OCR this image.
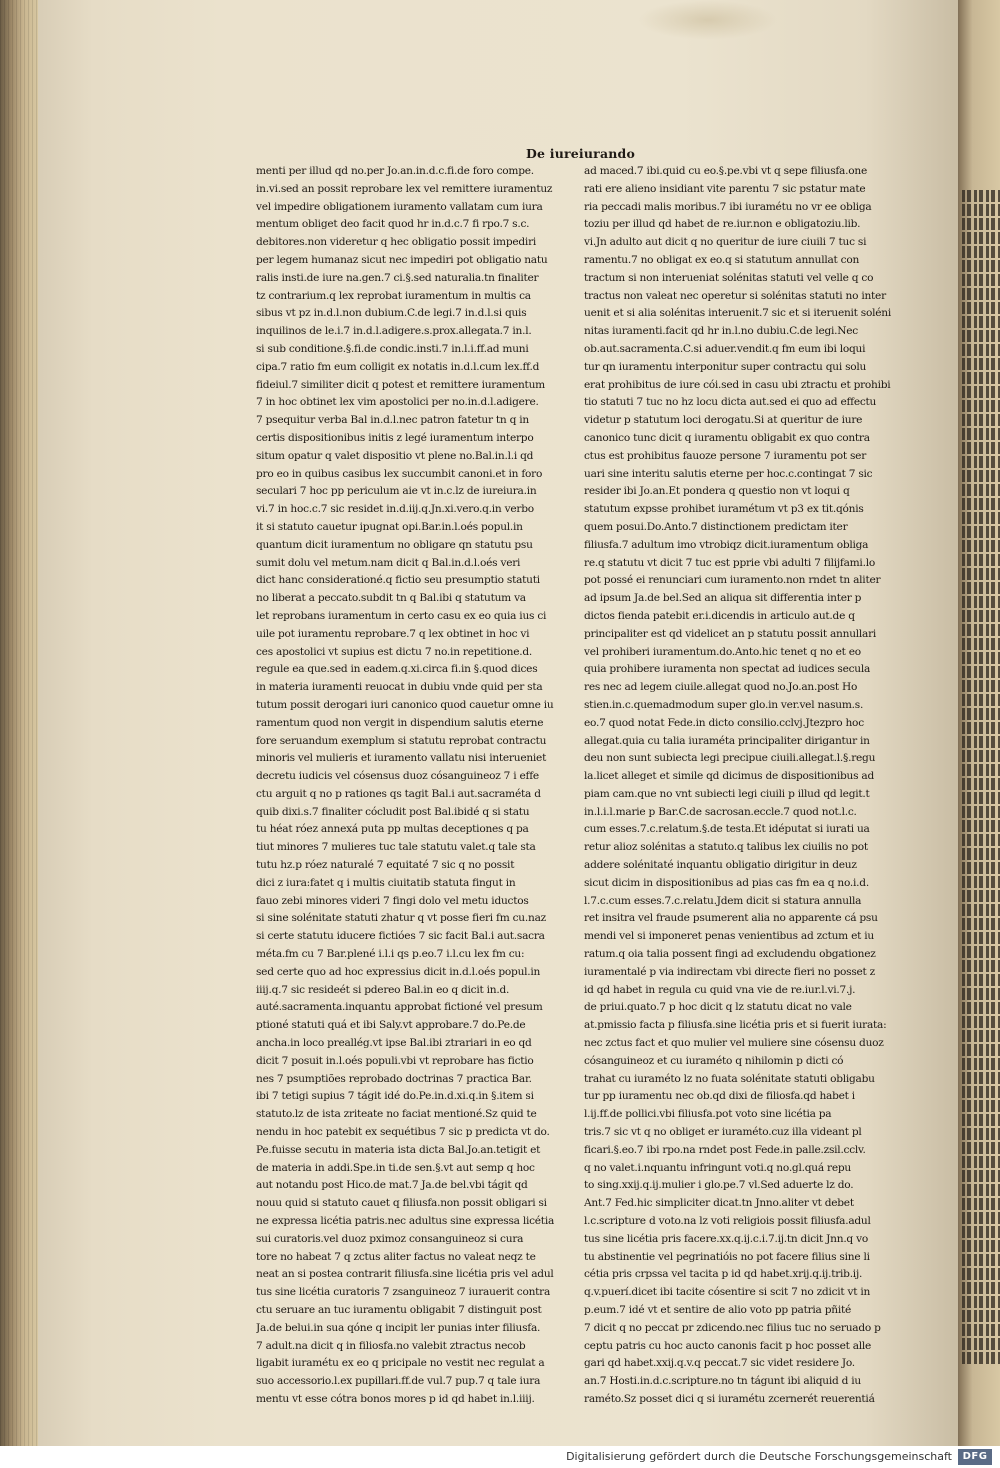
De iureiurando
menti per illud qd no.per Jo.an.in.d.c.fi.de foro compe.
in.vi.sed an possit reprobare lex vel remittere iuramentuz
vel impedire obligationem iuramento vallatam cum iura
mentum obliget deo facit quod hr in.d.c.7 fi rpo.7 s.c.
debitores.non videretur q hec obligatio possit impediri
per legem humanaz sicut nec impediri pot obligatio natu
ralis insti.de iure na.gen.7 ci.§.sed naturalia.tn finaliter
tz contrarium.q lex reprobat iuramentum in multis ca
sibus vt pz in.d.l.non dubium.C.de legi.7 in.d.l.si quis
inquilinos de le.i.7 in.d.l.adigere.s.prox.allegata.7 in.l.
si sub conditione.§.fi.de condic.insti.7 in.l.i.ff.ad muni
cipa.7 ratio fm eum colligit ex notatis in.d.l.cum lex.ff.d
fideiul.7 similiter dicit q potest et remittere iuramentum
7 in hoc obtinet lex vim apostolici per no.in.d.l.adigere.
7 psequitur verba Bal in.d.l.nec patron fatetur tn q in
certis dispositionibus initis z legé iuramentum interpo
situm opatur q valet dispositio vt plene no.Bal.in.l.i qd
pro eo in quibus casibus lex succumbit canoni.et in foro
seculari 7 hoc pp periculum aie vt in.c.lz de iureiura.in
vi.7 in hoc.c.7 sic residet in.d.iij.q.Jn.xi.vero.q.in verbo
it si statuto cauetur ipugnat opi.Bar.in.l.oés popul.in
quantum dicit iuramentum no obligare qn statutu psu
sumit dolu vel metum.nam dicit q Bal.in.d.l.oés veri
dict hanc considerationé.q fictio seu presumptio statuti
no liberat a peccato.subdit tn q Bal.ibi q statutum va
let reprobans iuramentum in certo casu ex eo quia ius ci
uile pot iuramentu reprobare.7 q lex obtinet in hoc vi
ces apostolici vt supius est dictu 7 no.in repetitione.d.
regule ea que.sed in eadem.q.xi.circa fi.in §.quod dices
in materia iuramenti reuocat in dubiu vnde quid per sta
tutum possit derogari iuri canonico quod cauetur omne iu
ramentum quod non vergit in dispendium salutis eterne
fore seruandum exemplum si statutu reprobat contractu
minoris vel mulieris et iuramento vallatu nisi interueniet
decretu iudicis vel cósensus duoz cósanguineoz 7 i effe
ctu arguit q no p rationes qs tagit Bal.i aut.sacraméta d
quib dixi.s.7 finaliter cócludit post Bal.ibidé q si statu
tu héat róez annexá puta pp multas deceptiones q pa
tiut minores 7 mulieres tuc tale statutu valet.q tale sta
tutu hz.p róez naturalé 7 equitaté 7 sic q no possit
dici z iura:fatet q i multis ciuitatib statuta fingut in
fauo zebi minores videri 7 fingi dolo vel metu iductos
si sine solénitate statuti zhatur q vt posse fieri fm cu.naz
si certe statutu iducere fictióes 7 sic facit Bal.i aut.sacra
méta.fm cu 7 Bar.plené i.l.i qs p.eo.7 i.l.cu lex fm cu:
sed certe quo ad hoc expressius dicit in.d.l.oés popul.in
iiij.q.7 sic resideét si pdereo Bal.in eo q dicit in.d.
auté.sacramenta.inquantu approbat fictioné vel presum
ptioné statuti quá et ibi Saly.vt approbare.7 do.Pe.de
ancha.in loco preallég.vt ipse Bal.ibi ztrariari in eo qd
dicit 7 posuit in.l.oés populi.vbi vt reprobare has fictio
nes 7 psumptiões reprobado doctrinas 7 practica Bar.
ibi 7 tetigi supius 7 tágit idé do.Pe.in.d.xi.q.in §.item si
statuto.lz de ista zriteate no faciat mentioné.Sz quid te
nendu in hoc patebit ex sequétibus 7 sic p predicta vt do.
Pe.fuisse secutu in materia ista dicta Bal.Jo.an.tetigit et
de materia in addi.Spe.in ti.de sen.§.vt aut semp q hoc
aut notandu post Hico.de mat.7 Ja.de bel.vbi tágit qd
nouu quid si statuto cauet q filiusfa.non possit obligari si
ne expressa licétia patris.nec adultus sine expressa licétia
sui curatoris.vel duoz pximoz consanguineoz si cura
tore no habeat 7 q zctus aliter factus no valeat neqz te
neat an si postea contrarit filiusfa.sine licétia pris vel adul
tus sine licétia curatoris 7 zsanguineoz 7 iurauerit contra
ctu seruare an tuc iuramentu obligabit 7 distinguit post
Ja.de belui.in sua qóne q incipit ler punias inter filiusfa.
7 adult.na dicit q in filiosfa.no valebit ztractus necob
ligabit iuramétu ex eo q pricipale no vestit nec regulat a
suo accessorio.l.ex pupillari.ff.de vul.7 pup.7 q tale iura
mentu vt esse cótra bonos mores p id qd habet in.l.iiij.
ad maced.7 ibi.quid cu eo.§.pe.vbi vt q sepe filiusfa.one
rati ere alieno insidiant vite parentu 7 sic pstatur mate
ria peccadi malis moribus.7 ibi iuramétu no vr ee obliga
toziu per illud qd habet de re.iur.non e obligatoziu.lib.
vi.Jn adulto aut dicit q no queritur de iure ciuili 7 tuc si
ramentu.7 no obligat ex eo.q si statutum annullat con
tractum si non interueniat solénitas statuti vel velle q co
tractus non valeat nec operetur si solénitas statuti no inter
uenit et si alia solénitas interuenit.7 sic et si iteruenit soléni
nitas iuramenti.facit qd hr in.l.no dubiu.C.de legi.Nec
ob.aut.sacramenta.C.si aduer.vendit.q fm eum ibi loqui
tur qn iuramentu interponitur super contractu qui solu
erat prohibitus de iure cói.sed in casu ubi ztractu et prohibi
tio statuti 7 tuc no hz locu dicta aut.sed ei quo ad effectu
videtur p statutum loci derogatu.Si at queritur de iure
canonico tunc dicit q iuramentu obligabit ex quo contra
ctus est prohibitus fauoze persone 7 iuramentu pot ser
uari sine interitu salutis eterne per hoc.c.contingat 7 sic
resider ibi Jo.an.Et pondera q questio non vt loqui q
statutum expsse prohibet iuramétum vt p3 ex tit.qónis
quem posui.Do.Anto.7 distinctionem predictam iter
filiusfa.7 adultum imo vtrobiqz dicit.iuramentum obliga
re.q statutu vt dicit 7 tuc est pprie vbi adulti 7 filijfami.lo
pot possé ei renunciari cum iuramento.non rndet tn aliter
ad ipsum Ja.de bel.Sed an aliqua sit differentia inter p
dictos fienda patebit er.i.dicendis in articulo aut.de q
principaliter est qd videlicet an p statutu possit annullari
vel prohiberi iuramentum.do.Anto.hic tenet q no et eo
quia prohibere iuramenta non spectat ad iudices secula
res nec ad legem ciuile.allegat quod no.Jo.an.post Ho
stien.in.c.quemadmodum super glo.in ver.vel nasum.s.
eo.7 quod notat Fede.in dicto consilio.cclvj.Jtezpro hoc
allegat.quia cu talia iuraméta principaliter dirigantur in
deu non sunt subiecta legi precipue ciuili.allegat.l.§.regu
la.licet alleget et simile qd dicimus de dispositionibus ad
piam cam.que no vnt subiecti legi ciuili p illud qd legit.t
in.l.i.l.marie p Bar.C.de sacrosan.eccle.7 quod not.l.c.
cum esses.7.c.relatum.§.de testa.Et idéputat si iurati ua
retur alioz solénitas a statuto.q talibus lex ciuilis no pot
addere solénitaté inquantu obligatio dirigitur in deuz
sicut dicim in dispositionibus ad pias cas fm ea q no.i.d.
l.7.c.cum esses.7.c.relatu.Jdem dicit si statura annulla
ret insitra vel fraude psumerent alia no apparente cá psu
mendi vel si imponeret penas venientibus ad zctum et iu
ratum.q oia talia possent fingi ad excludendu obgationez
iuramentalé p via indirectam vbi directe fieri no posset z
id qd habet in regula cu quid vna vie de re.iur.l.vi.7.j.
de priui.quato.7 p hoc dicit q lz statutu dicat no vale
at.pmissio facta p filiusfa.sine licétia pris et si fuerit iurata:
nec zctus fact et quo mulier vel muliere sine cósensu duoz
cósanguineoz et cu iuraméto q nihilomin p dicti có
trahat cu iuraméto lz no fuata solénitate statuti obligabu
tur pp iuramentu nec ob.qd dixi de filiosfa.qd habet i
l.ij.ff.de pollici.vbi filiusfa.pot voto sine licétia pa
tris.7 sic vt q no obliget er iuraméto.cuz illa videant pl
ficari.§.eo.7 ibi rpo.na rndet post Fede.in palle.zsil.cclv.
q no valet.i.nquantu infringunt voti.q no.gl.quá repu
to sing.xxij.q.ij.mulier i glo.pe.7 vl.Sed aduerte lz do.
Ant.7 Fed.hic simpliciter dicat.tn Jnno.aliter vt debet
l.c.scripture d voto.na lz voti religiois possit filiusfa.adul
tus sine licétia pris facere.xx.q.ij.c.i.7.ij.tn dicit Jnn.q vo
tu abstinentie vel pegrinatióis no pot facere filius sine li
cétia pris crpssa vel tacita p id qd habet.xrij.q.ij.trib.ij.
q.v.puerí.dicet ibi tacite cósentire si scit 7 no zdicit vt in
p.eum.7 idé vt et sentire de alio voto pp patria pñité
7 dicit q no peccat pr zdicendo.nec filius tuc no seruado p
ceptu patris cu hoc aucto canonis facit p hoc posset alle
gari qd habet.xxij.q.v.q peccat.7 sic videt residere Jo.
an.7 Hosti.in.d.c.scripture.no tn tágunt ibi aliquid d iu
raméto.Sz posset dici q si iuramétu zcernerét reuerentiá
Digitalisierung gefördert durch die Deutsche Forschungsgemeinschaft	DFG
